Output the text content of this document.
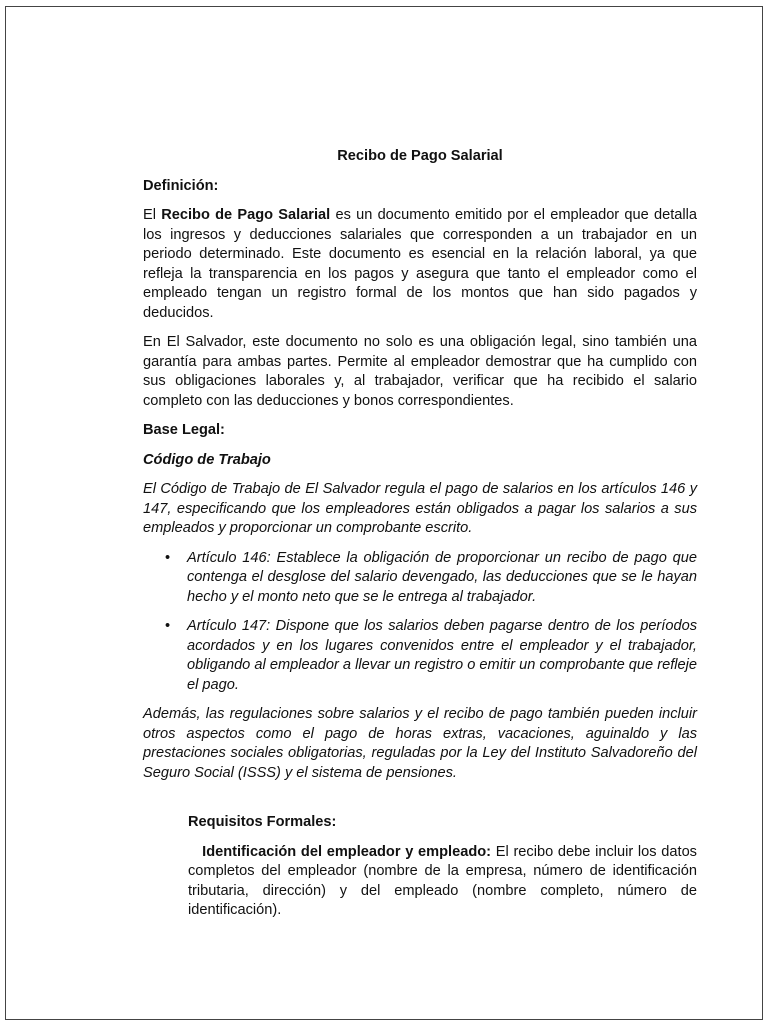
Recibo de Pago Salarial
Definición:

El Recibo de Pago Salarial es un documento emitido por el empleador que detalla los ingresos y deducciones salariales que corresponden a un trabajador en un periodo determinado. Este documento es esencial en la relación laboral, ya que refleja la transparencia en los pagos y asegura que tanto el empleador como el empleado tengan un registro formal de los montos que han sido pagados y deducidos.

En El Salvador, este documento no solo es una obligación legal, sino también una garantía para ambas partes. Permite al empleador demostrar que ha cumplido con sus obligaciones laborales y, al trabajador, verificar que ha recibido el salario completo con las deducciones y bonos correspondientes.

Base Legal:
Código de Trabajo

El Código de Trabajo de El Salvador regula el pago de salarios en los artículos 146 y 147, especificando que los empleadores están obligados a pagar los salarios a sus empleados y proporcionar un comprobante escrito.

• Artículo 146: Establece la obligación de proporcionar un recibo de pago que contenga el desglose del salario devengado, las deducciones que se le hayan hecho y el monto neto que se le entrega al trabajador.
• Artículo 147: Dispone que los salarios deben pagarse dentro de los períodos acordados y en los lugares convenidos entre el empleador y el trabajador, obligando al empleador a llevar un registro o emitir un comprobante que refleje el pago.

Además, las regulaciones sobre salarios y el recibo de pago también pueden incluir otros aspectos como el pago de horas extras, vacaciones, aguinaldo y las prestaciones sociales obligatorias, reguladas por la Ley del Instituto Salvadoreño del Seguro Social (ISSS) y el sistema de pensiones.

Requisitos Formales:

Identificación del empleador y empleado: El recibo debe incluir los datos completos del empleador (nombre de la empresa, número de identificación tributaria, dirección) y del empleado (nombre completo, número de identificación).
